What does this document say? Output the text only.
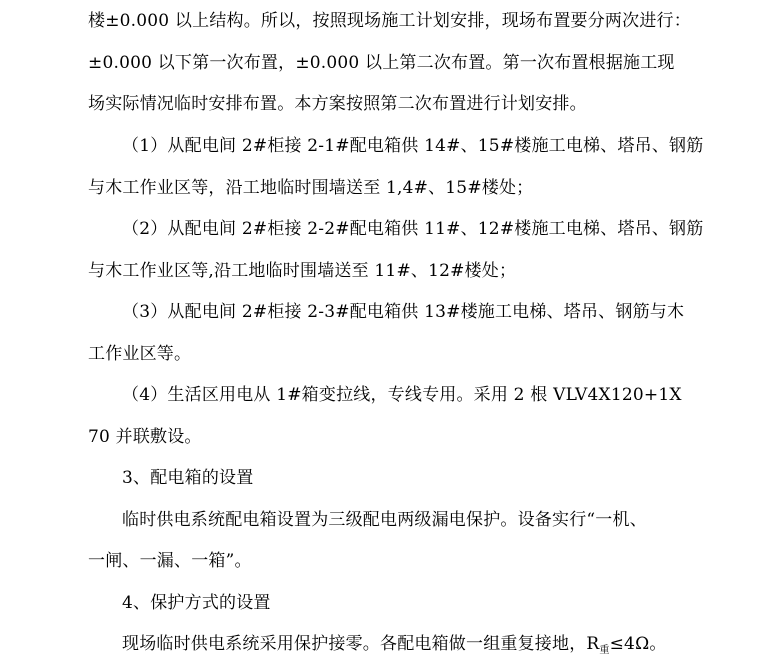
楼±0.000 以上结构。所以，按照现场施工计划安排，现场布置要分两次进行：
±0.000 以下第一次布置，±0.000 以上第二次布置。第一次布置根据施工现
场实际情况临时安排布置。本方案按照第二次布置进行计划安排。
（1）从配电间 2#柜接 2-1#配电箱供 14#、15#楼施工电梯、塔吊、钢筋
与木工作业区等，沿工地临时围墙送至 1,4#、15#楼处；
（2）从配电间 2#柜接 2-2#配电箱供 11#、12#楼施工电梯、塔吊、钢筋
与木工作业区等,沿工地临时围墙送至 11#、12#楼处；
（3）从配电间 2#柜接 2-3#配电箱供 13#楼施工电梯、塔吊、钢筋与木
工作业区等。
（4）生活区用电从 1#箱变拉线，专线专用。采用 2 根 VLV4Ⅹ120+1Ⅹ
70 并联敷设。
3、配电箱的设置
临时供电系统配电箱设置为三级配电两级漏电保护。设备实行“一机、
一闸、一漏、一箱”。
4、保护方式的设置
现场临时供电系统采用保护接零。各配电箱做一组重复接地，$R_重\le 4\Omega$。
